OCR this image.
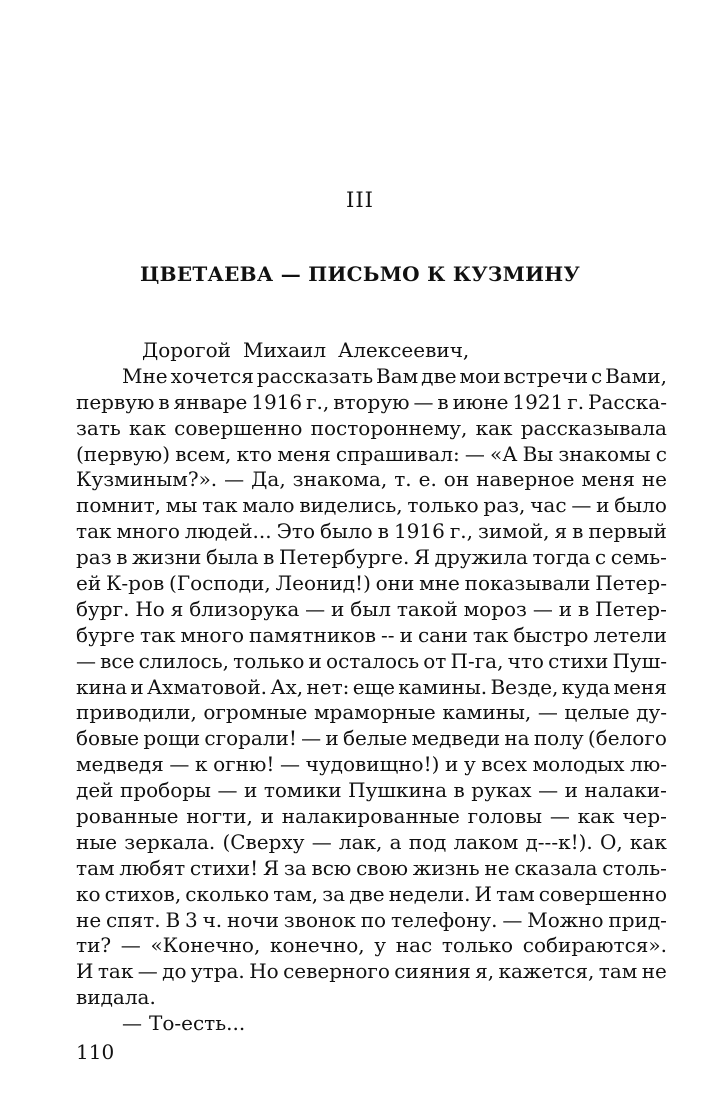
III
ЦВЕТАЕВА — ПИСЬМО К КУЗМИНУ
Дорогой Михаил Алексеевич,
Мне хочется рассказать Вам две мои встречи с Вами,
первую в январе 1916 г., вторую — в июне 1921 г. Расска-
зать как совершенно постороннему, как рассказывала
(первую) всем, кто меня спрашивал: — «А Вы знакомы с
Кузминым?». — Да, знакома, т. е. он наверное меня не
помнит, мы так мало виделись, только раз, час — и было
так много людей... Это было в 1916 г., зимой, я в первый
раз в жизни была в Петербурге. Я дружила тогда с семь-
ей К-ров (Господи, Леонид!) они мне показывали Петер-
бург. Но я близорука — и был такой мороз — и в Петер-
бурге так много памятников -- и сани так быстро летели
— все слилось, только и осталось от П-га, что стихи Пуш-
кина и Ахматовой. Ах, нет: еще камины. Везде, куда меня
приводили, огромные мраморные камины, — целые ду-
бовые рощи сгорали! — и белые медведи на полу (белого
медведя — к огню! — чудовищно!) и у всех молодых лю-
дей проборы — и томики Пушкина в руках — и налаки-
рованные ногти, и налакированные головы — как чер-
ные зеркала. (Сверху — лак, а под лаком д---к!). О, как
там любят стихи! Я за всю свою жизнь не сказала столь-
ко стихов, сколько там, за две недели. И там совершенно
не спят. В 3 ч. ночи звонок по телефону. — Можно прид-
ти? — «Конечно, конечно, у нас только собираются».
И так — до утра. Но северного сияния я, кажется, там не
видала.
— То-есть...
110
